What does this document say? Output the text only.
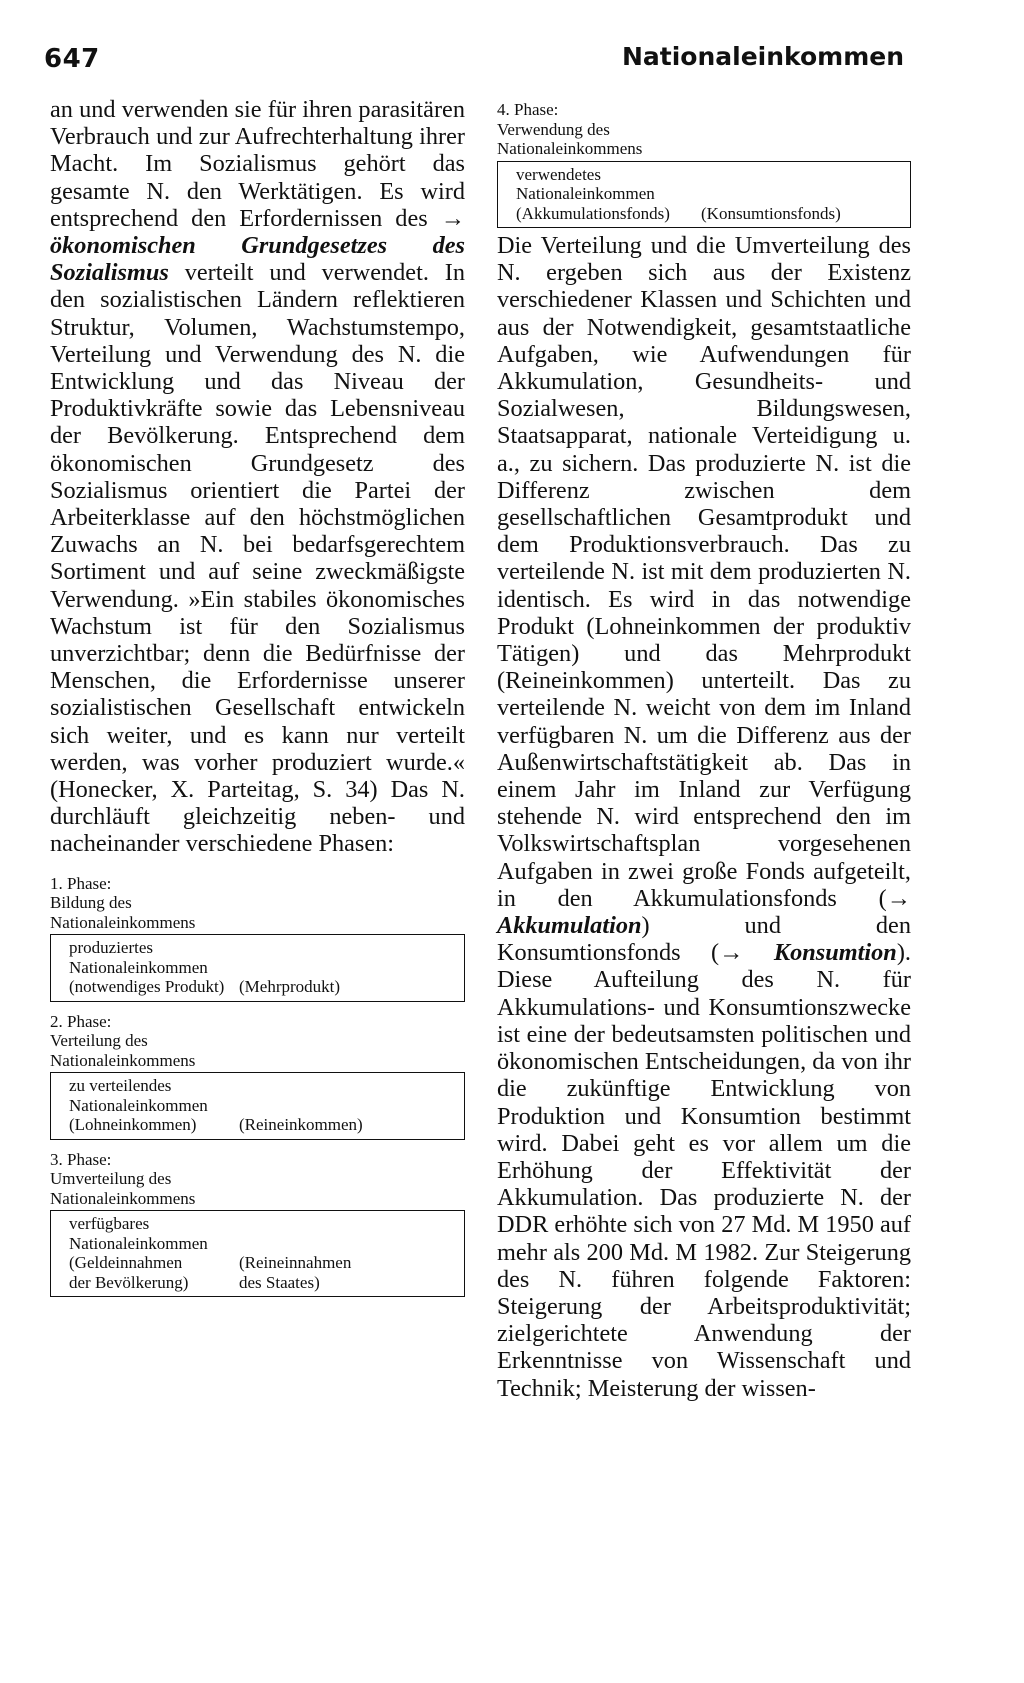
647	Nationaleinkommen

an und verwenden sie für ihren parasitären Verbrauch und zur Aufrechterhaltung ihrer Macht. Im Sozialismus gehört das gesamte N. den Werktätigen. Es wird entsprechend den Erfordernissen des → ökonomischen Grundgesetzes des Sozialismus verteilt und verwendet. In den sozialistischen Ländern reflektieren Struktur, Volumen, Wachstumstempo, Verteilung und Verwendung des N. die Entwicklung und das Niveau der Produktivkräfte sowie das Lebensniveau der Bevölkerung. Entsprechend dem ökonomischen Grundgesetz des Sozialismus orientiert die Partei der Arbeiterklasse auf den höchstmöglichen Zuwachs an N. bei bedarfsgerechtem Sortiment und auf seine zweckmäßigste Verwendung. »Ein stabiles ökonomisches Wachstum ist für den Sozialismus unverzichtbar; denn die Bedürfnisse der Menschen, die Erfordernisse unserer sozialistischen Gesellschaft entwickeln sich weiter, und es kann nur verteilt werden, was vorher produziert wurde.« (Honecker, X. Parteitag, S. 34) Das N. durchläuft gleichzeitig neben- und nacheinander verschiedene Phasen:

1. Phase:
Bildung des
Nationaleinkommens
produziertes
Nationaleinkommen
(notwendiges Produkt) (Mehrprodukt)
2. Phase:
Verteilung des
Nationaleinkommens
zu verteilendes
Nationaleinkommen
(Lohneinkommen)	(Reineinkommen)
3. Phase:
Umverteilung des
Nationaleinkommens
verfügbares
Nationaleinkommen
(Geldeinnahmen der Bevölkerung)
(Reineinnahmen des Staates)
4. Phase:
Verwendung des
Nationaleinkommens
verwendetes
Nationaleinkommen
(Akkumulationsfonds) (Konsumtionsfonds)

Die Verteilung und die Umverteilung des N. ergeben sich aus der Existenz verschiedener Klassen und Schichten und aus der Notwendigkeit, gesamtstaatliche Aufgaben, wie Aufwendungen für Akkumulation, Gesundheits- und Sozialwesen, Bildungswesen, Staatsapparat, nationale Verteidigung u. a., zu sichern. Das produzierte N. ist die Differenz zwischen dem gesellschaftlichen Gesamtprodukt und dem Produktionsverbrauch. Das zu verteilende N. ist mit dem produzierten N. identisch. Es wird in das notwendige Produkt (Lohneinkommen der produktiv Tätigen) und das Mehrprodukt (Reineinkommen) unterteilt. Das zu verteilende N. weicht von dem im Inland verfügbaren N. um die Differenz aus der Außenwirtschaftstätigkeit ab. Das in einem Jahr im Inland zur Verfügung stehende N. wird entsprechend den im Volkswirtschaftsplan vorgesehenen Aufgaben in zwei große Fonds aufgeteilt, in den Akkumulationsfonds (→ Akkumulation) und den Konsumtionsfonds (→ Konsumtion). Diese Aufteilung des N. für Akkumulations- und Konsumtionszwecke ist eine der bedeutsamsten politischen und ökonomischen Entscheidungen, da von ihr die zukünftige Entwicklung von Produktion und Konsumtion bestimmt wird. Dabei geht es vor allem um die Erhöhung der Effektivität der Akkumulation. Das produzierte N. der DDR erhöhte sich von 27 Md. M 1950 auf mehr als 200 Md. M 1982. Zur Steigerung des N. führen folgende Faktoren: Steigerung der Arbeitsproduktivität; zielgerichtete Anwendung der Erkenntnisse von Wissenschaft und Technik; Meisterung der wissen-
